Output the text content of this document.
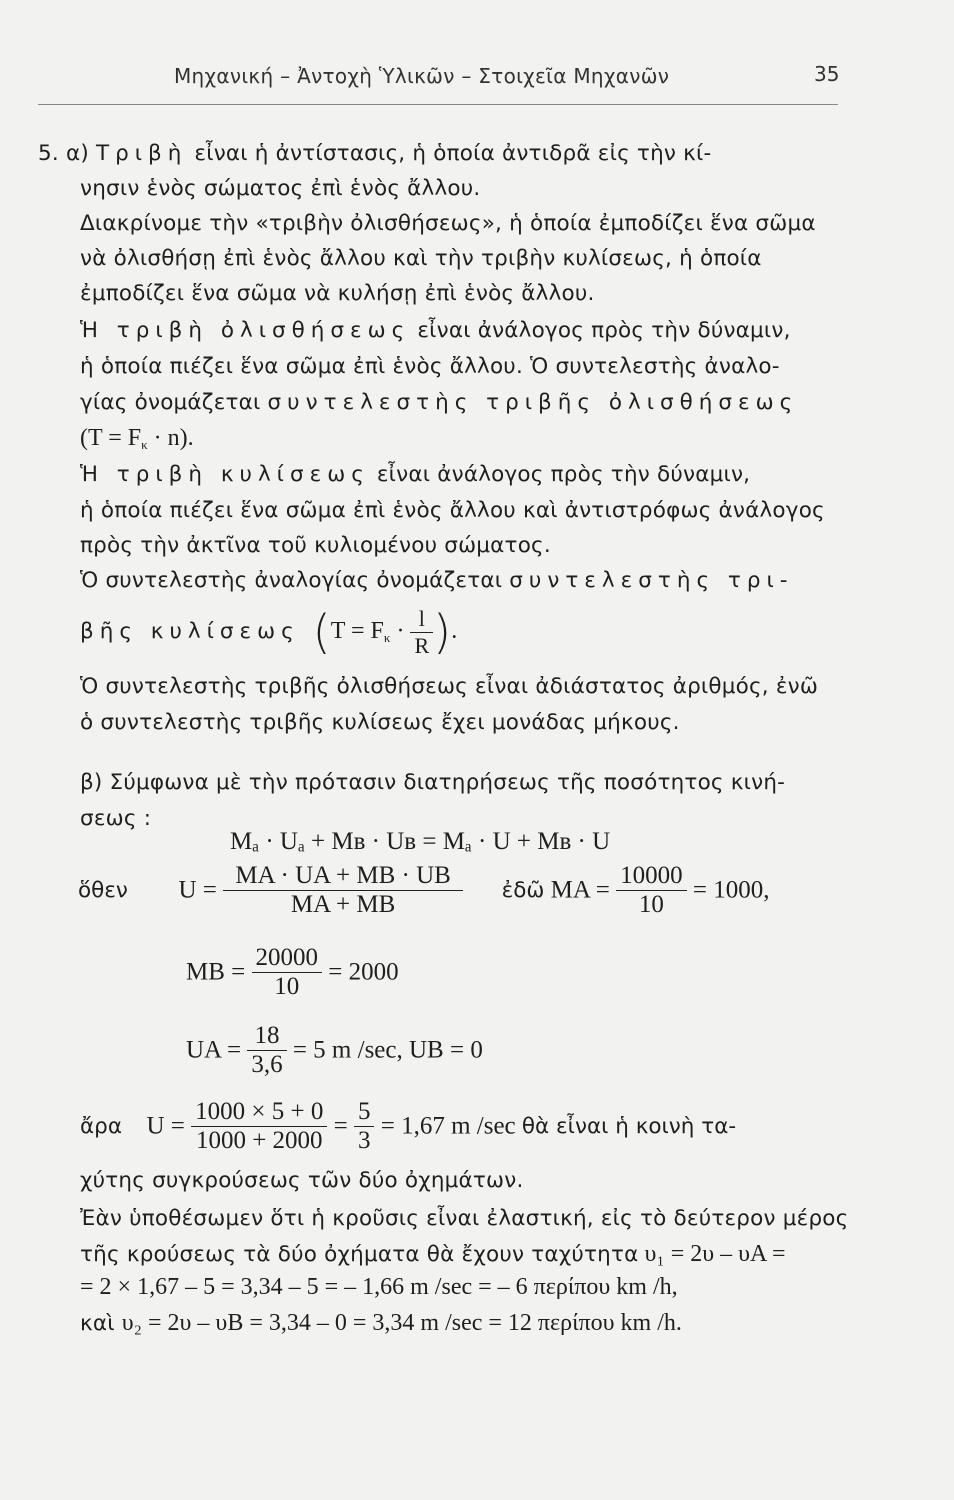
Μηχανική – Ἀντοχὴ Ὑλικῶν – Στοιχεῖα Μηχανῶν	35
5. α) Τριβὴ εἶναι ἡ ἀντίστασις, ἡ ὁποία ἀντιδρᾶ εἰς τὴν κί-
νησιν ἑνὸς σώματος ἐπὶ ἑνὸς ἄλλου.
Διακρίνομε τὴν «τριβὴν ὀλισθήσεως», ἡ ὁποία ἐμποδίζει ἕνα σῶμα
νὰ ὀλισθήσῃ ἐπὶ ἑνὸς ἄλλου καὶ τὴν τριβὴν κυλίσεως, ἡ ὁποία
ἐμποδίζει ἕνα σῶμα νὰ κυλήσῃ ἐπὶ ἑνὸς ἄλλου.
Ἡ τριβὴ ὀλισθήσεως εἶναι ἀνάλογος πρὸς τὴν δύναμιν,
ἡ ὁποία πιέζει ἕνα σῶμα ἐπὶ ἑνὸς ἄλλου. Ὁ συντελεστὴς ἀναλο-
γίας ὀνομάζεται συντελεστὴς τριβῆς ὀλισθήσεως
$(T = F_\kappa \cdot n)$.
Ἡ τριβὴ κυλίσεως εἶναι ἀνάλογος πρὸς τὴν δύναμιν,
ἡ ὁποία πιέζει ἕνα σῶμα ἐπὶ ἑνὸς ἄλλου καὶ ἀντιστρόφως ἀνάλογος
πρὸς τὴν ἀκτῖνα τοῦ κυλιομένου σώματος.
Ὁ συντελεστὴς ἀναλογίας ὀνομάζεται συντελεστὴς τρι-
βῆς κυλίσεως ($T = F_\kappa \cdot \frac{l}{R}$ ).
Ὁ συντελεστὴς τριβῆς ὀλισθήσεως εἶναι ἀδιάστατος ἀριθμός, ἐνῶ
ὁ συντελεστὴς τριβῆς κυλίσεως ἔχει μονάδας μήκους.
β) Σύμφωνα μὲ τὴν πρότασιν διατηρήσεως τῆς ποσότητος κινή-
σεως :
Mₐ · Uₐ + Mʙ · Uʙ = Mₐ · U + Mʙ · U
ὅθεν $U = \frac{MA \cdot UA + MB \cdot UB}{MA + MB}$ ἐδῶ MA = $\frac{10000}{10} = 1000$,
MB = $\frac{20000}{10} = 2000$
UA = $\frac{18}{3,6} = 5$ m /sec, UB = 0
ἄρα $U = \frac{1000 \times 5 + 0}{1000 + 2000} = \frac{5}{3} = 1,67$ m /sec θὰ εἶναι ἡ κοινὴ τα-
χύτης συγκρούσεως τῶν δύο ὀχημάτων.
Ἐὰν ὑποθέσωμεν ὅτι ἡ κροῦσις εἶναι ἐλαστική, εἰς τὸ δεύτερον μέρος
τῆς κρούσεως τὰ δύο ὀχήματα θὰ ἔχουν ταχύτητα υ₁ = 2υ – υA =
= 2 × 1,67 – 5 = 3,34 – 5 = – 1,66 m /sec = – 6 περίπου km /h,
καὶ υ₂ = 2υ – υB = 3,34 – 0 = 3,34 m /sec = 12 περίπου km /h.
